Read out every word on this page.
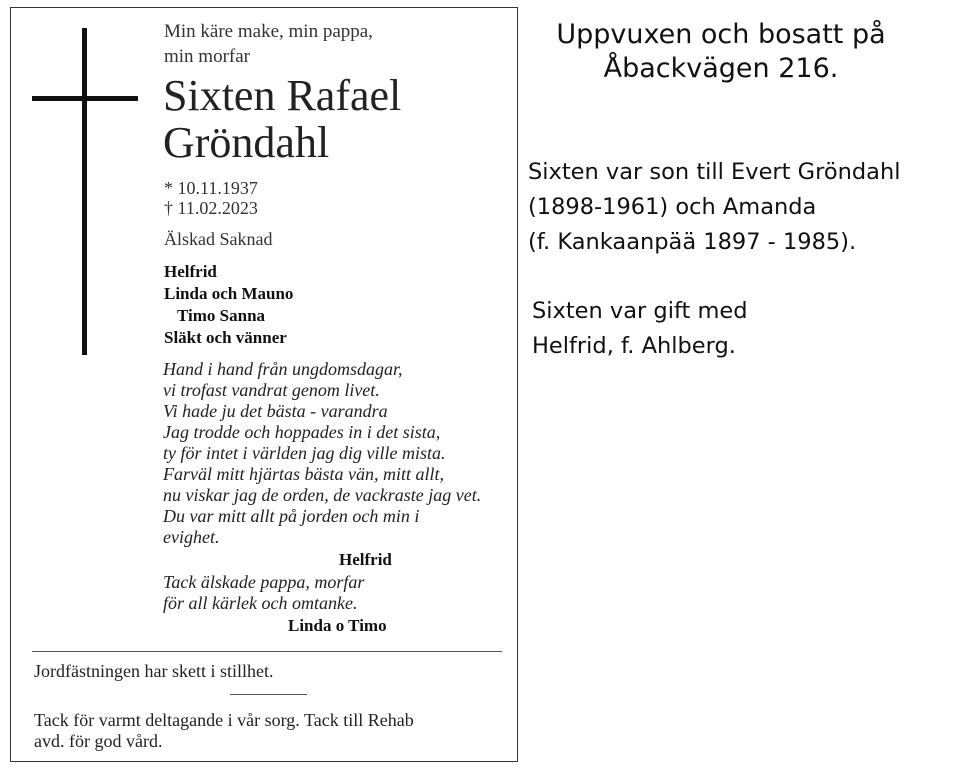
Min käre make, min pappa,
min morfar
Sixten Rafael
Gröndahl
* 10.11.1937
† 11.02.2023
Älskad Saknad
Helfrid
Linda och Mauno
Timo Sanna
Släkt och vänner
Hand i hand från ungdomsdagar,
vi trofast vandrat genom livet.
Vi hade ju det bästa - varandra
Jag trodde och hoppades in i det sista,
ty för intet i världen jag dig ville mista.
Farväl mitt hjärtas bästa vän, mitt allt,
nu viskar jag de orden, de vackraste jag vet.
Du var mitt allt på jorden och min i
evighet.
Helfrid
Tack älskade pappa, morfar
för all kärlek och omtanke.
Linda o Timo
Jordfästningen har skett i stillhet.
Tack för varmt deltagande i vår sorg. Tack till Rehab
avd. för god vård.
Uppvuxen och bosatt på
Åbackvägen 216.
Sixten var son till Evert Gröndahl
(1898-1961) och Amanda
(f. Kankaanpää 1897 - 1985).
Sixten var gift med
Helfrid, f. Ahlberg.
